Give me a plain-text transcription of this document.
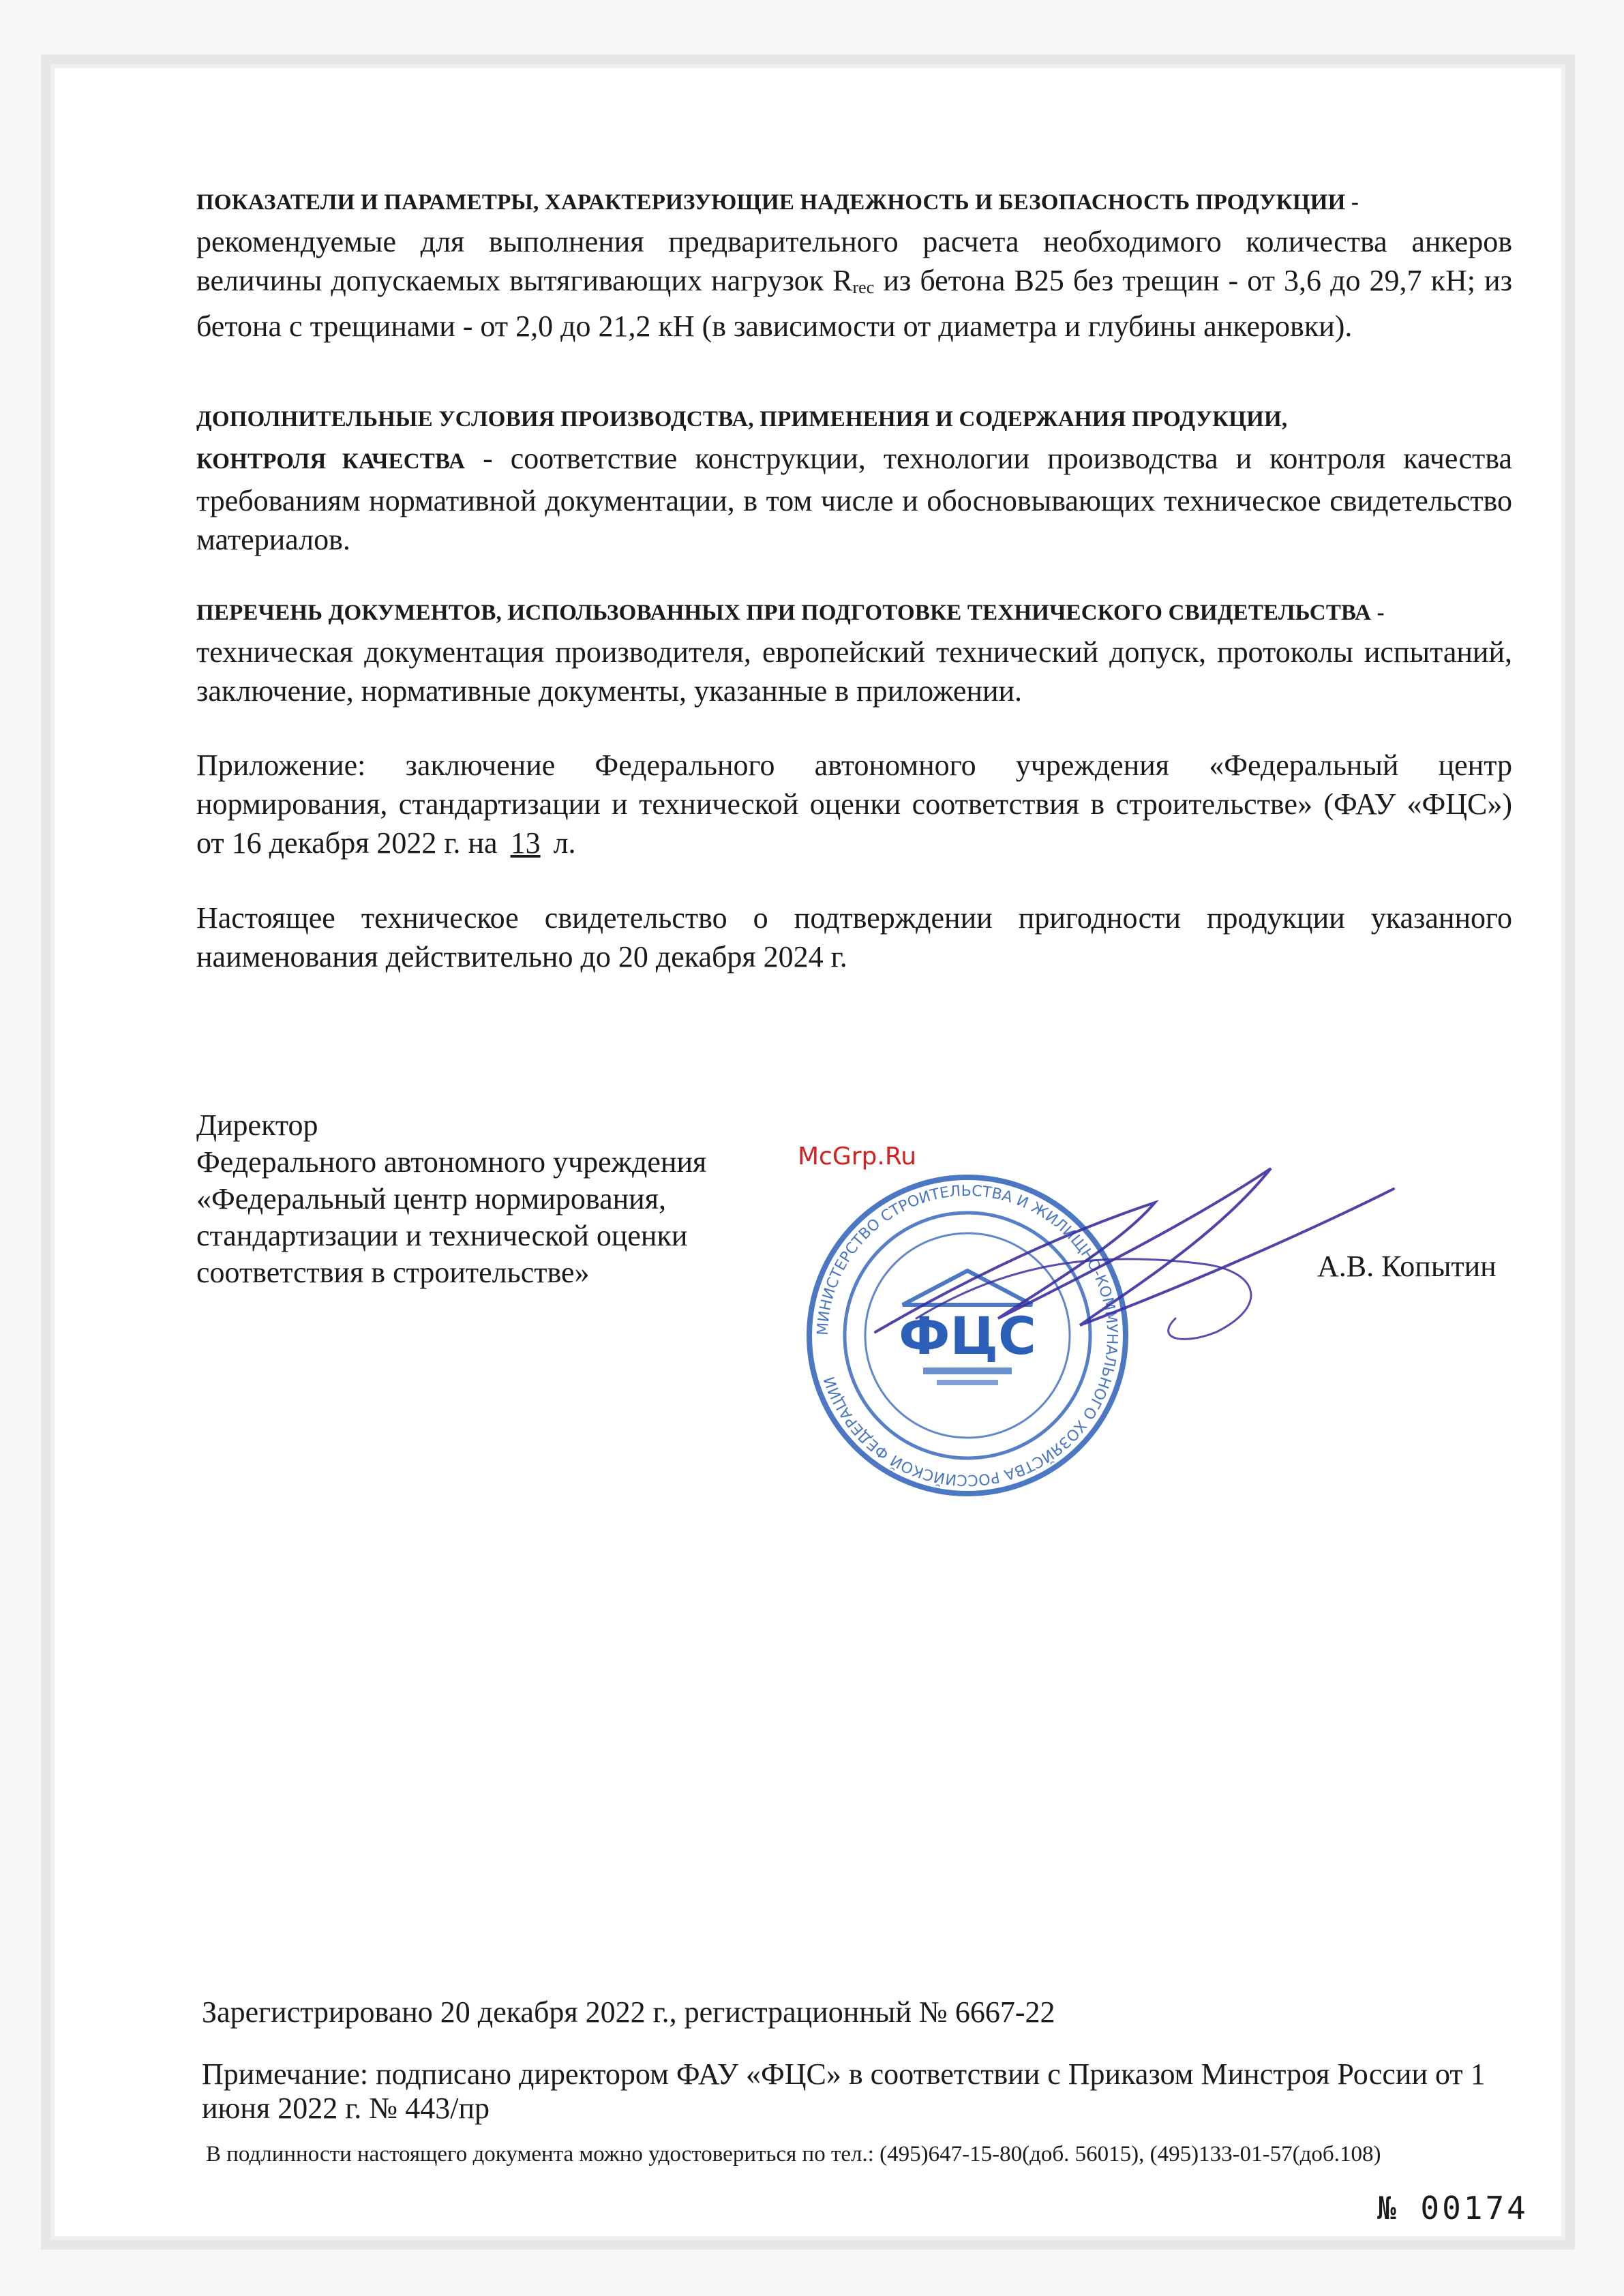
ПОКАЗАТЕЛИ И ПАРАМЕТРЫ, ХАРАКТЕРИЗУЮЩИЕ НАДЕЖНОСТЬ И БЕЗОПАСНОСТЬ ПРОДУКЦИИ -
рекомендуемые для выполнения предварительного расчета необходимого количества анкеров величины допускаемых вытягивающих нагрузок Rrec из бетона В25 без трещин - от 3,6 до 29,7 кН; из бетона с трещинами - от 2,0 до 21,2 кН (в зависимости от диаметра и глубины анкеровки).

ДОПОЛНИТЕЛЬНЫЕ УСЛОВИЯ ПРОИЗВОДСТВА, ПРИМЕНЕНИЯ И СОДЕРЖАНИЯ ПРОДУКЦИИ,
КОНТРОЛЯ КАЧЕСТВА - соответствие конструкции, технологии производства и контроля качества требованиям нормативной документации, в том числе и обосновывающих техническое свидетельство материалов.

ПЕРЕЧЕНЬ ДОКУМЕНТОВ, ИСПОЛЬЗОВАННЫХ ПРИ ПОДГОТОВКЕ ТЕХНИЧЕСКОГО СВИДЕТЕЛЬСТВА -
техническая документация производителя, европейский технический допуск, протоколы испытаний, заключение, нормативные документы, указанные в приложении.

Приложение: заключение Федерального автономного учреждения «Федеральный центр нормирования, стандартизации и технической оценки соответствия в строительстве» (ФАУ «ФЦС») от 16 декабря 2022 г. на 13 л.

Настоящее техническое свидетельство о подтверждении пригодности продукции указанного наименования действительно до 20 декабря 2024 г.

Директор
Федерального автономного учреждения
«Федеральный центр нормирования,
стандартизации и технической оценки
соответствия в строительстве»
McGrp.Ru
МИНИСТЕРСТВО СТРОИТЕЛЬСТВА И ЖИЛИЩНО-КОММУНАЛЬНОГО ХОЗЯЙСТВА РОССИЙСКОЙ ФЕДЕРАЦИИ
ФЦС
А.В. Копытин
Зарегистрировано 20 декабря 2022 г., регистрационный № 6667-22
Примечание: подписано директором ФАУ «ФЦС» в соответствии с Приказом Минстроя России от 1 июня 2022 г. № 443/пр
В подлинности настоящего документа можно удостовериться по тел.: (495)647-15-80(доб. 56015), (495)133-01-57(доб.108)
№ 00174
